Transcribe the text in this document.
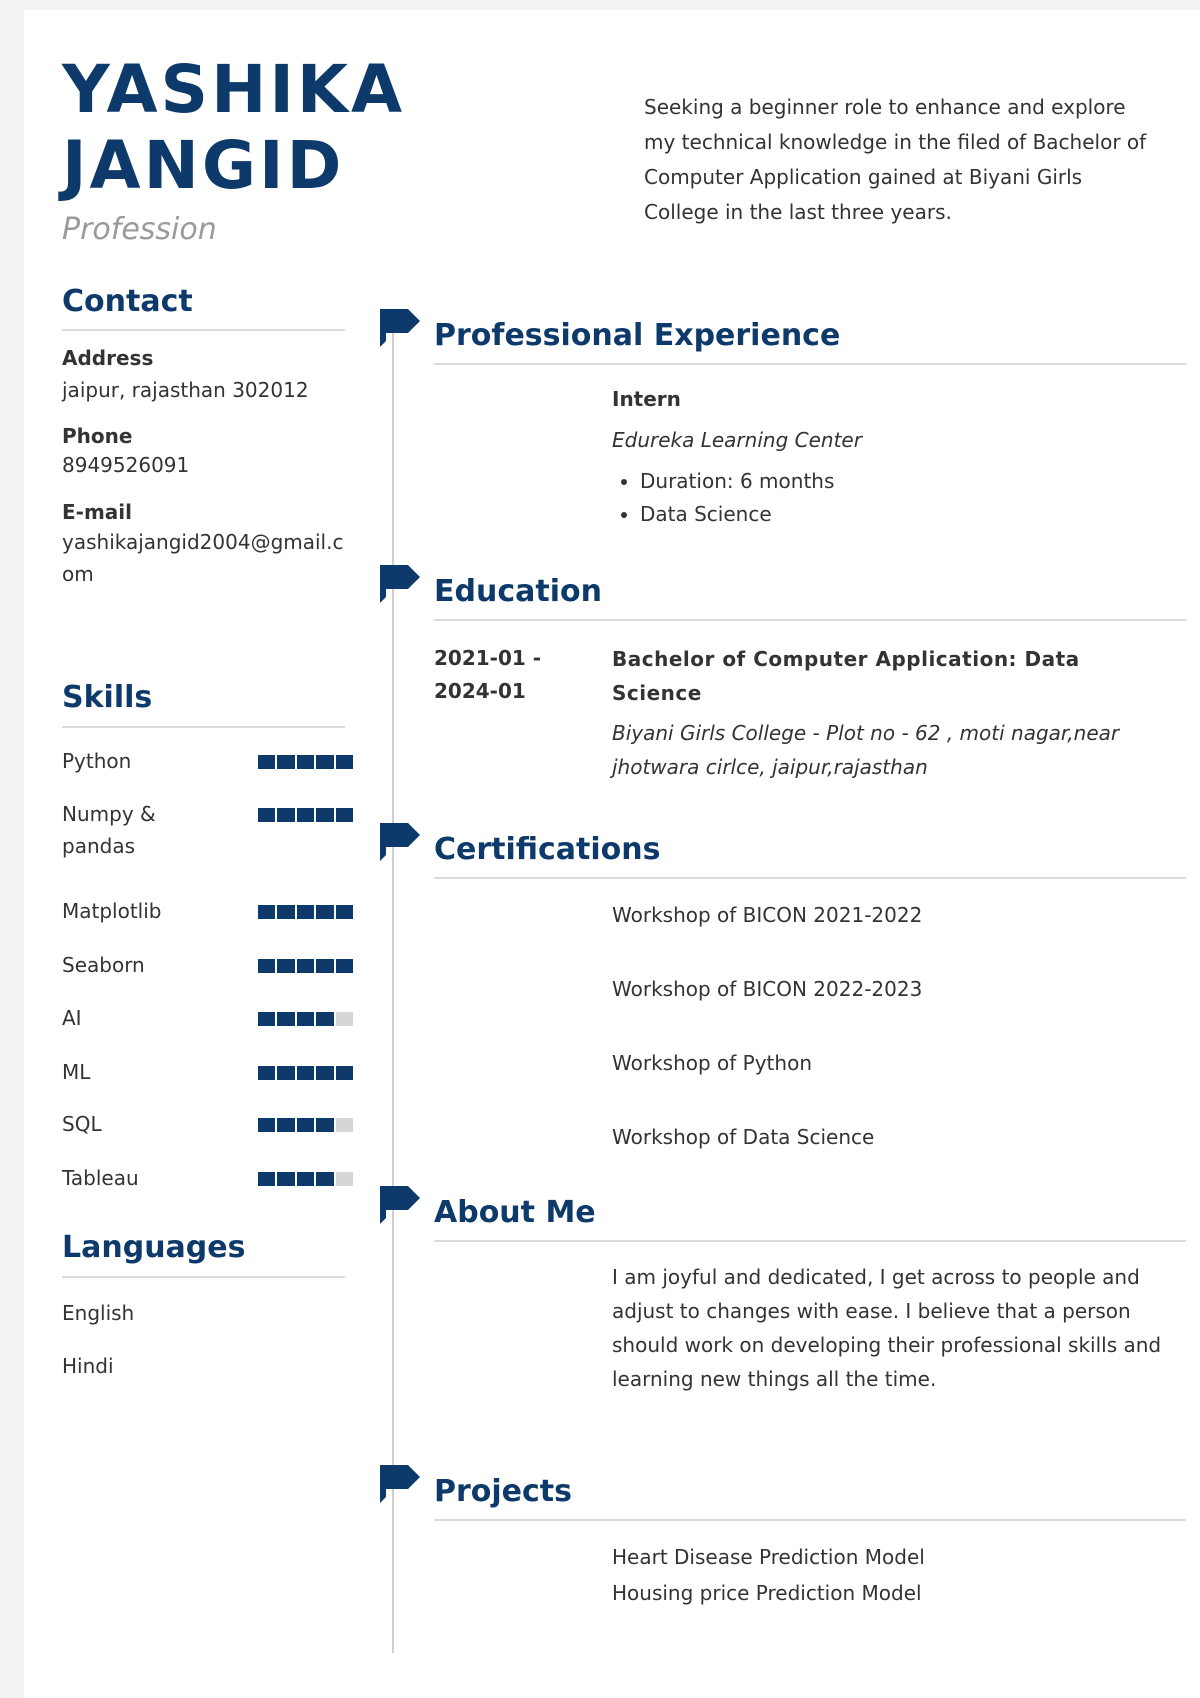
YASHIKA
JANGID
Profession
Seeking a beginner role to enhance and explore my technical knowledge in the filed of Bachelor of Computer Application gained at Biyani Girls College in the last three years.
Contact
Address
jaipur, rajasthan 302012
Phone
8949526091
E-mail
yashikajangid2004@gmail.com
Skills
Python
Numpy & pandas
Matplotlib
Seaborn
AI
ML
SQL
Tableau
Languages
English
Hindi
Professional Experience
Intern
Edureka Learning Center
• Duration: 6 months
• Data Science
Education
2021-01 -
2024-01
Bachelor of Computer Application: Data Science
Biyani Girls College - Plot no - 62 , moti nagar,near jhotwara cirlce, jaipur,rajasthan
Certifications
Workshop of BICON 2021-2022
Workshop of BICON 2022-2023
Workshop of Python
Workshop of Data Science
About Me
I am joyful and dedicated, I get across to people and adjust to changes with ease. I believe that a person should work on developing their professional skills and learning new things all the time.
Projects
Heart Disease Prediction Model
Housing price Prediction Model
